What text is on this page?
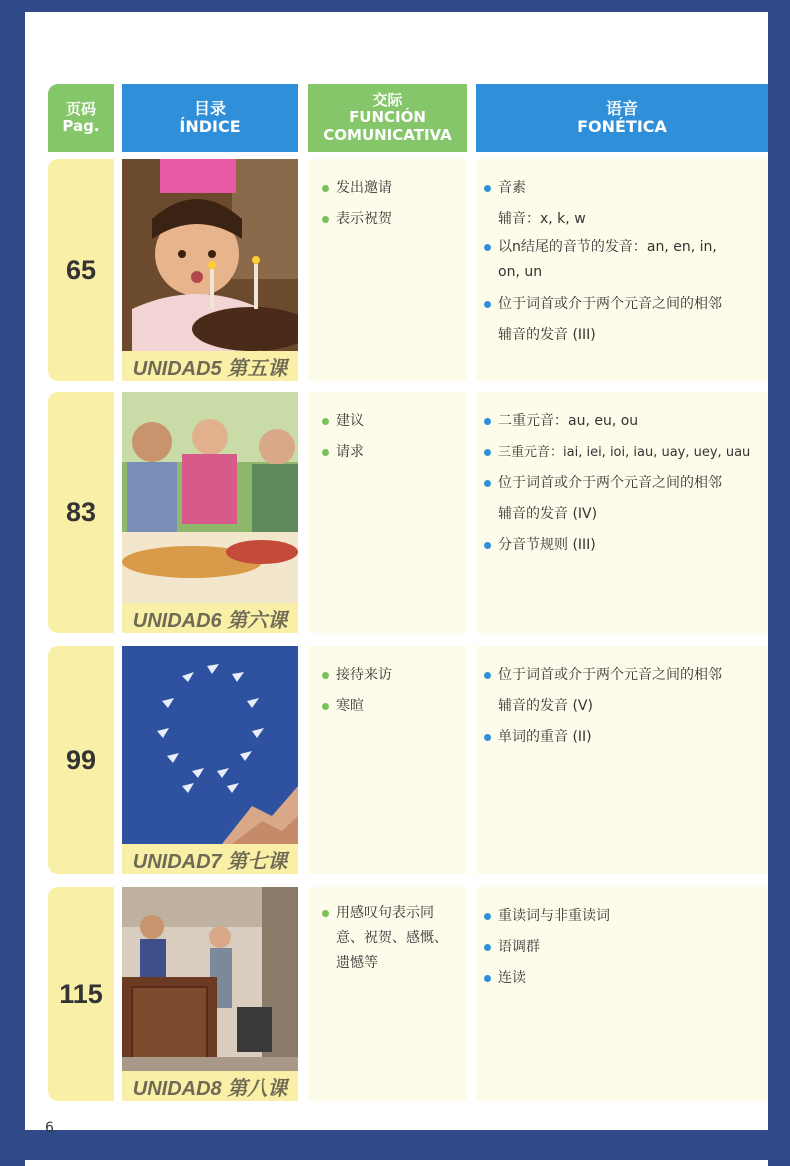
页码
Pag.
目录
ÍNDICE
交际
FUNCIÓN
COMUNICATIVA
语音
FONÉTICA
65
UNIDAD5 第五课
发出邀请
表示祝贺
音素
辅音：x, k, w
以n结尾的音节的发音：an, en, in,
on, un
位于词首或介于两个元音之间的相邻
辅音的发音 (III)
83
UNIDAD6 第六课
建议
请求
二重元音：au, eu, ou
三重元音：iai, iei, ioi, iau, uay, uey, uau
位于词首或介于两个元音之间的相邻
辅音的发音 (IV)
分音节规则 (III)
99
UNIDAD7 第七课
接待来访
寒暄
位于词首或介于两个元音之间的相邻
辅音的发音 (V)
单词的重音 (II)
115
UNIDAD8 第八课
用感叹句表示同
意、祝贺、感慨、
遗憾等
重读词与非重读词
语调群
连读
6
